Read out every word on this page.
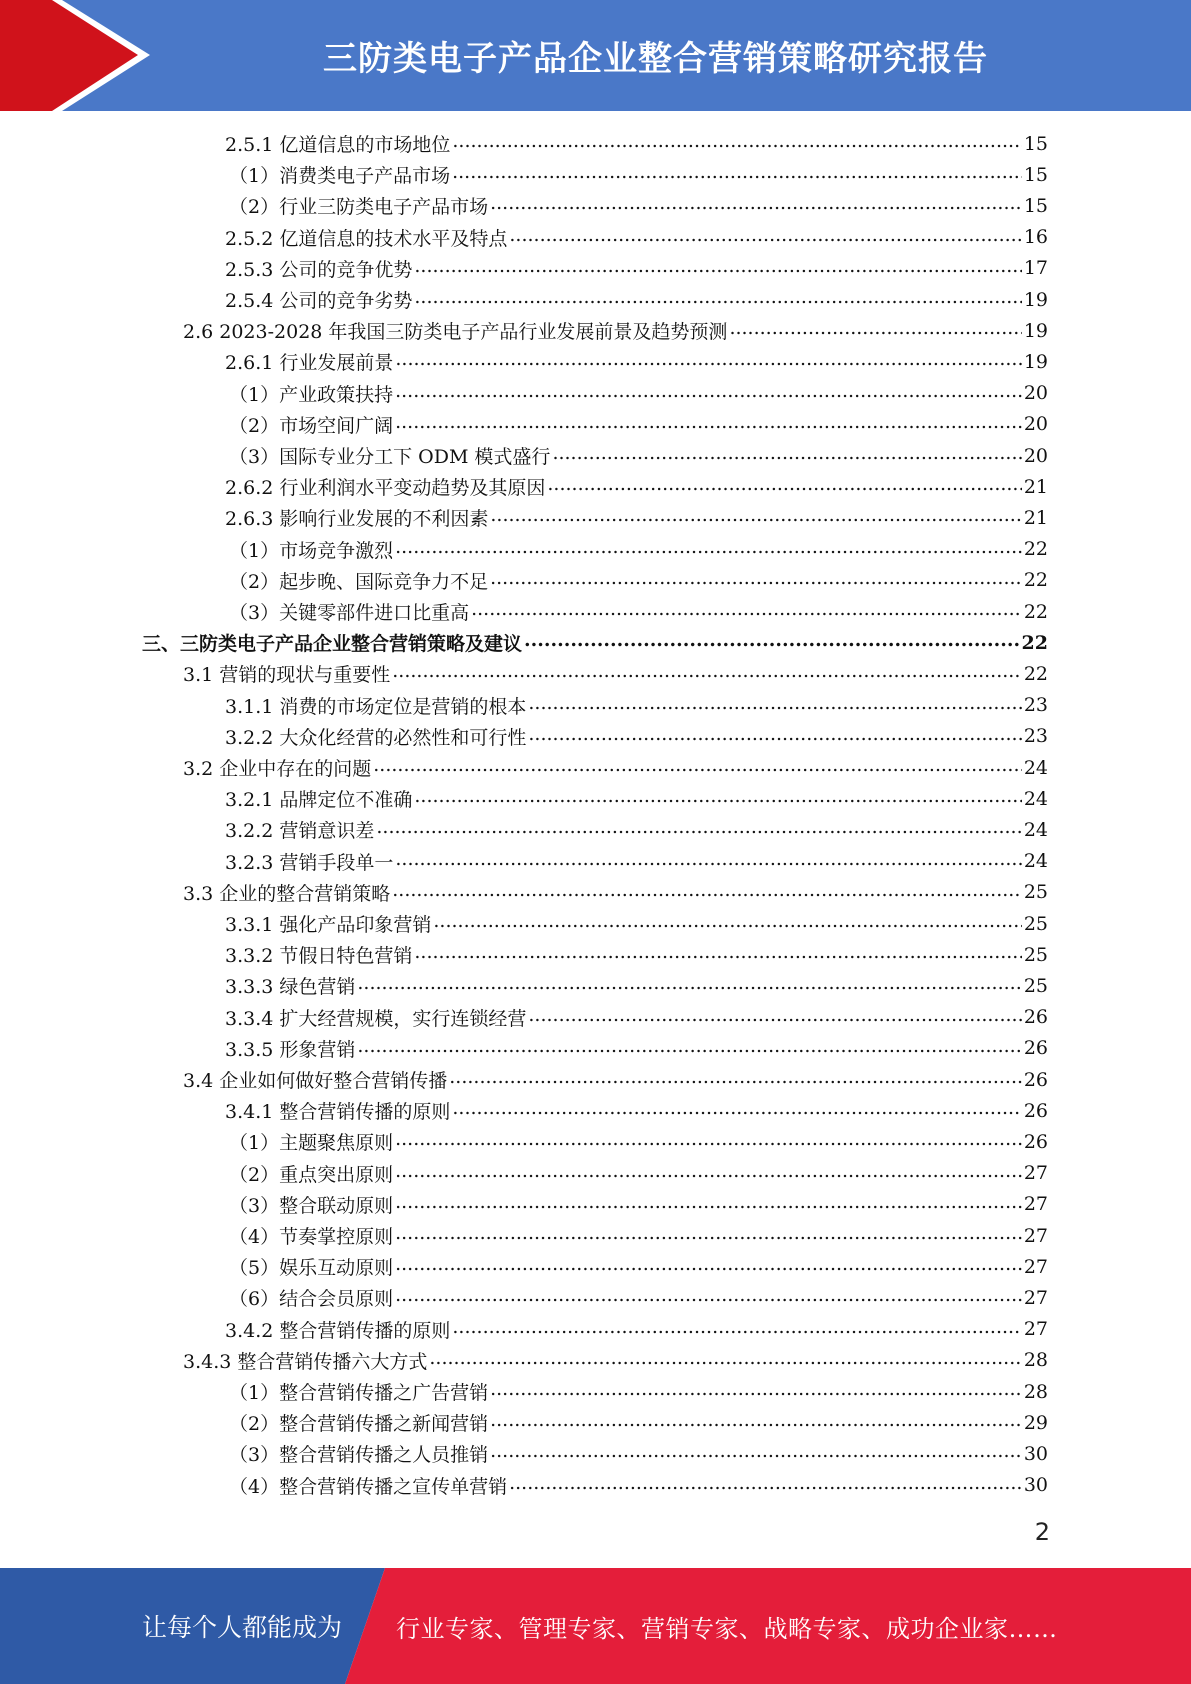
三防类电子产品企业整合营销策略研究报告
2.5.1 亿道信息的市场地位 .....	15
（1）消费类电子产品市场 .....	15
（2）行业三防类电子产品市场 .....	15
2.5.2 亿道信息的技术水平及特点 .....	16
2.5.3 公司的竞争优势 .....	17
2.5.4 公司的竞争劣势 .....	19
2.6 2023-2028 年我国三防类电子产品行业发展前景及趋势预测 .....	19
2.6.1 行业发展前景 .....	19
（1）产业政策扶持 .....	20
（2）市场空间广阔 .....	20
（3）国际专业分工下 ODM 模式盛行 .....	20
2.6.2 行业利润水平变动趋势及其原因 .....	21
2.6.3 影响行业发展的不利因素 .....	21
（1）市场竞争激烈 .....	22
（2）起步晚、国际竞争力不足 .....	22
（3）关键零部件进口比重高 .....	22
三、三防类电子产品企业整合营销策略及建议 .....	22
3.1 营销的现状与重要性 .....	22
3.1.1 消费的市场定位是营销的根本 .....	23
3.2.2 大众化经营的必然性和可行性 .....	23
3.2 企业中存在的问题 .....	24
3.2.1 品牌定位不准确 .....	24
3.2.2 营销意识差 .....	24
3.2.3 营销手段单一 .....	24
3.3 企业的整合营销策略 .....	25
3.3.1 强化产品印象营销 .....	25
3.3.2 节假日特色营销 .....	25
3.3.3 绿色营销 .....	25
3.3.4 扩大经营规模，实行连锁经营 .....	26
3.3.5 形象营销 .....	26
3.4 企业如何做好整合营销传播 .....	26
3.4.1 整合营销传播的原则 .....	26
（1）主题聚焦原则 .....	26
（2）重点突出原则 .....	27
（3）整合联动原则 .....	27
（4）节奏掌控原则 .....	27
（5）娱乐互动原则 .....	27
（6）结合会员原则 .....	27
3.4.2 整合营销传播的原则 .....	27
3.4.3 整合营销传播六大方式 .....	28
（1）整合营销传播之广告营销 .....	28
（2）整合营销传播之新闻营销 .....	29
（3）整合营销传播之人员推销 .....	30
（4）整合营销传播之宣传单营销 .....	30
2
让每个人都能成为 行业专家、管理专家、营销专家、战略专家、成功企业家……
